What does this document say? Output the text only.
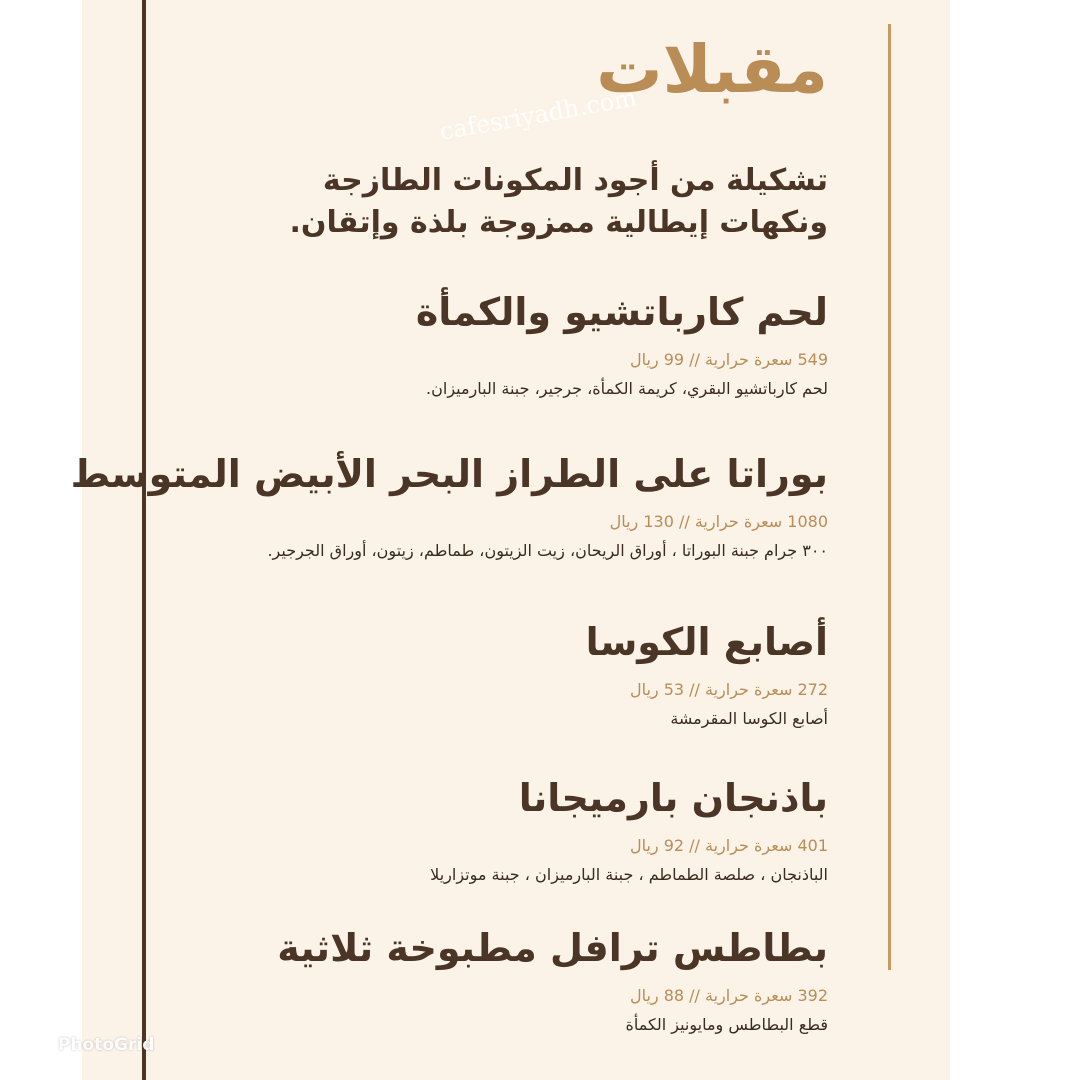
cafesriyadh.com
مقبلات

تشكيلة من أجود المكونات الطازجة ونكهات إيطالية ممزوجة بلذة وإتقان.

لحم كارباتشيو والكمأة

549 سعرة حرارية // 99 ريال

لحم كارباتشيو البقري، كريمة الكمأة، جرجير، جبنة البارميزان.

بوراتا على الطراز البحر الأبيض المتوسط

1080 سعرة حرارية // 130 ريال

٣٠٠ جرام جبنة البوراتا ، أوراق الريحان، زيت الزيتون، طماطم، زيتون، أوراق الجرجير.

أصابع الكوسا

272 سعرة حرارية // 53 ريال

أصابع الكوسا المقرمشة

باذنجان بارميجانا

401 سعرة حرارية // 92 ريال

الباذنجان ، صلصة الطماطم ، جبنة البارميزان ، جبنة موتزاريلا

بطاطس ترافل مطبوخة ثلاثية

392 سعرة حرارية // 88 ريال

قطع البطاطس ومايونيز الكمأة

PhotoGrid
